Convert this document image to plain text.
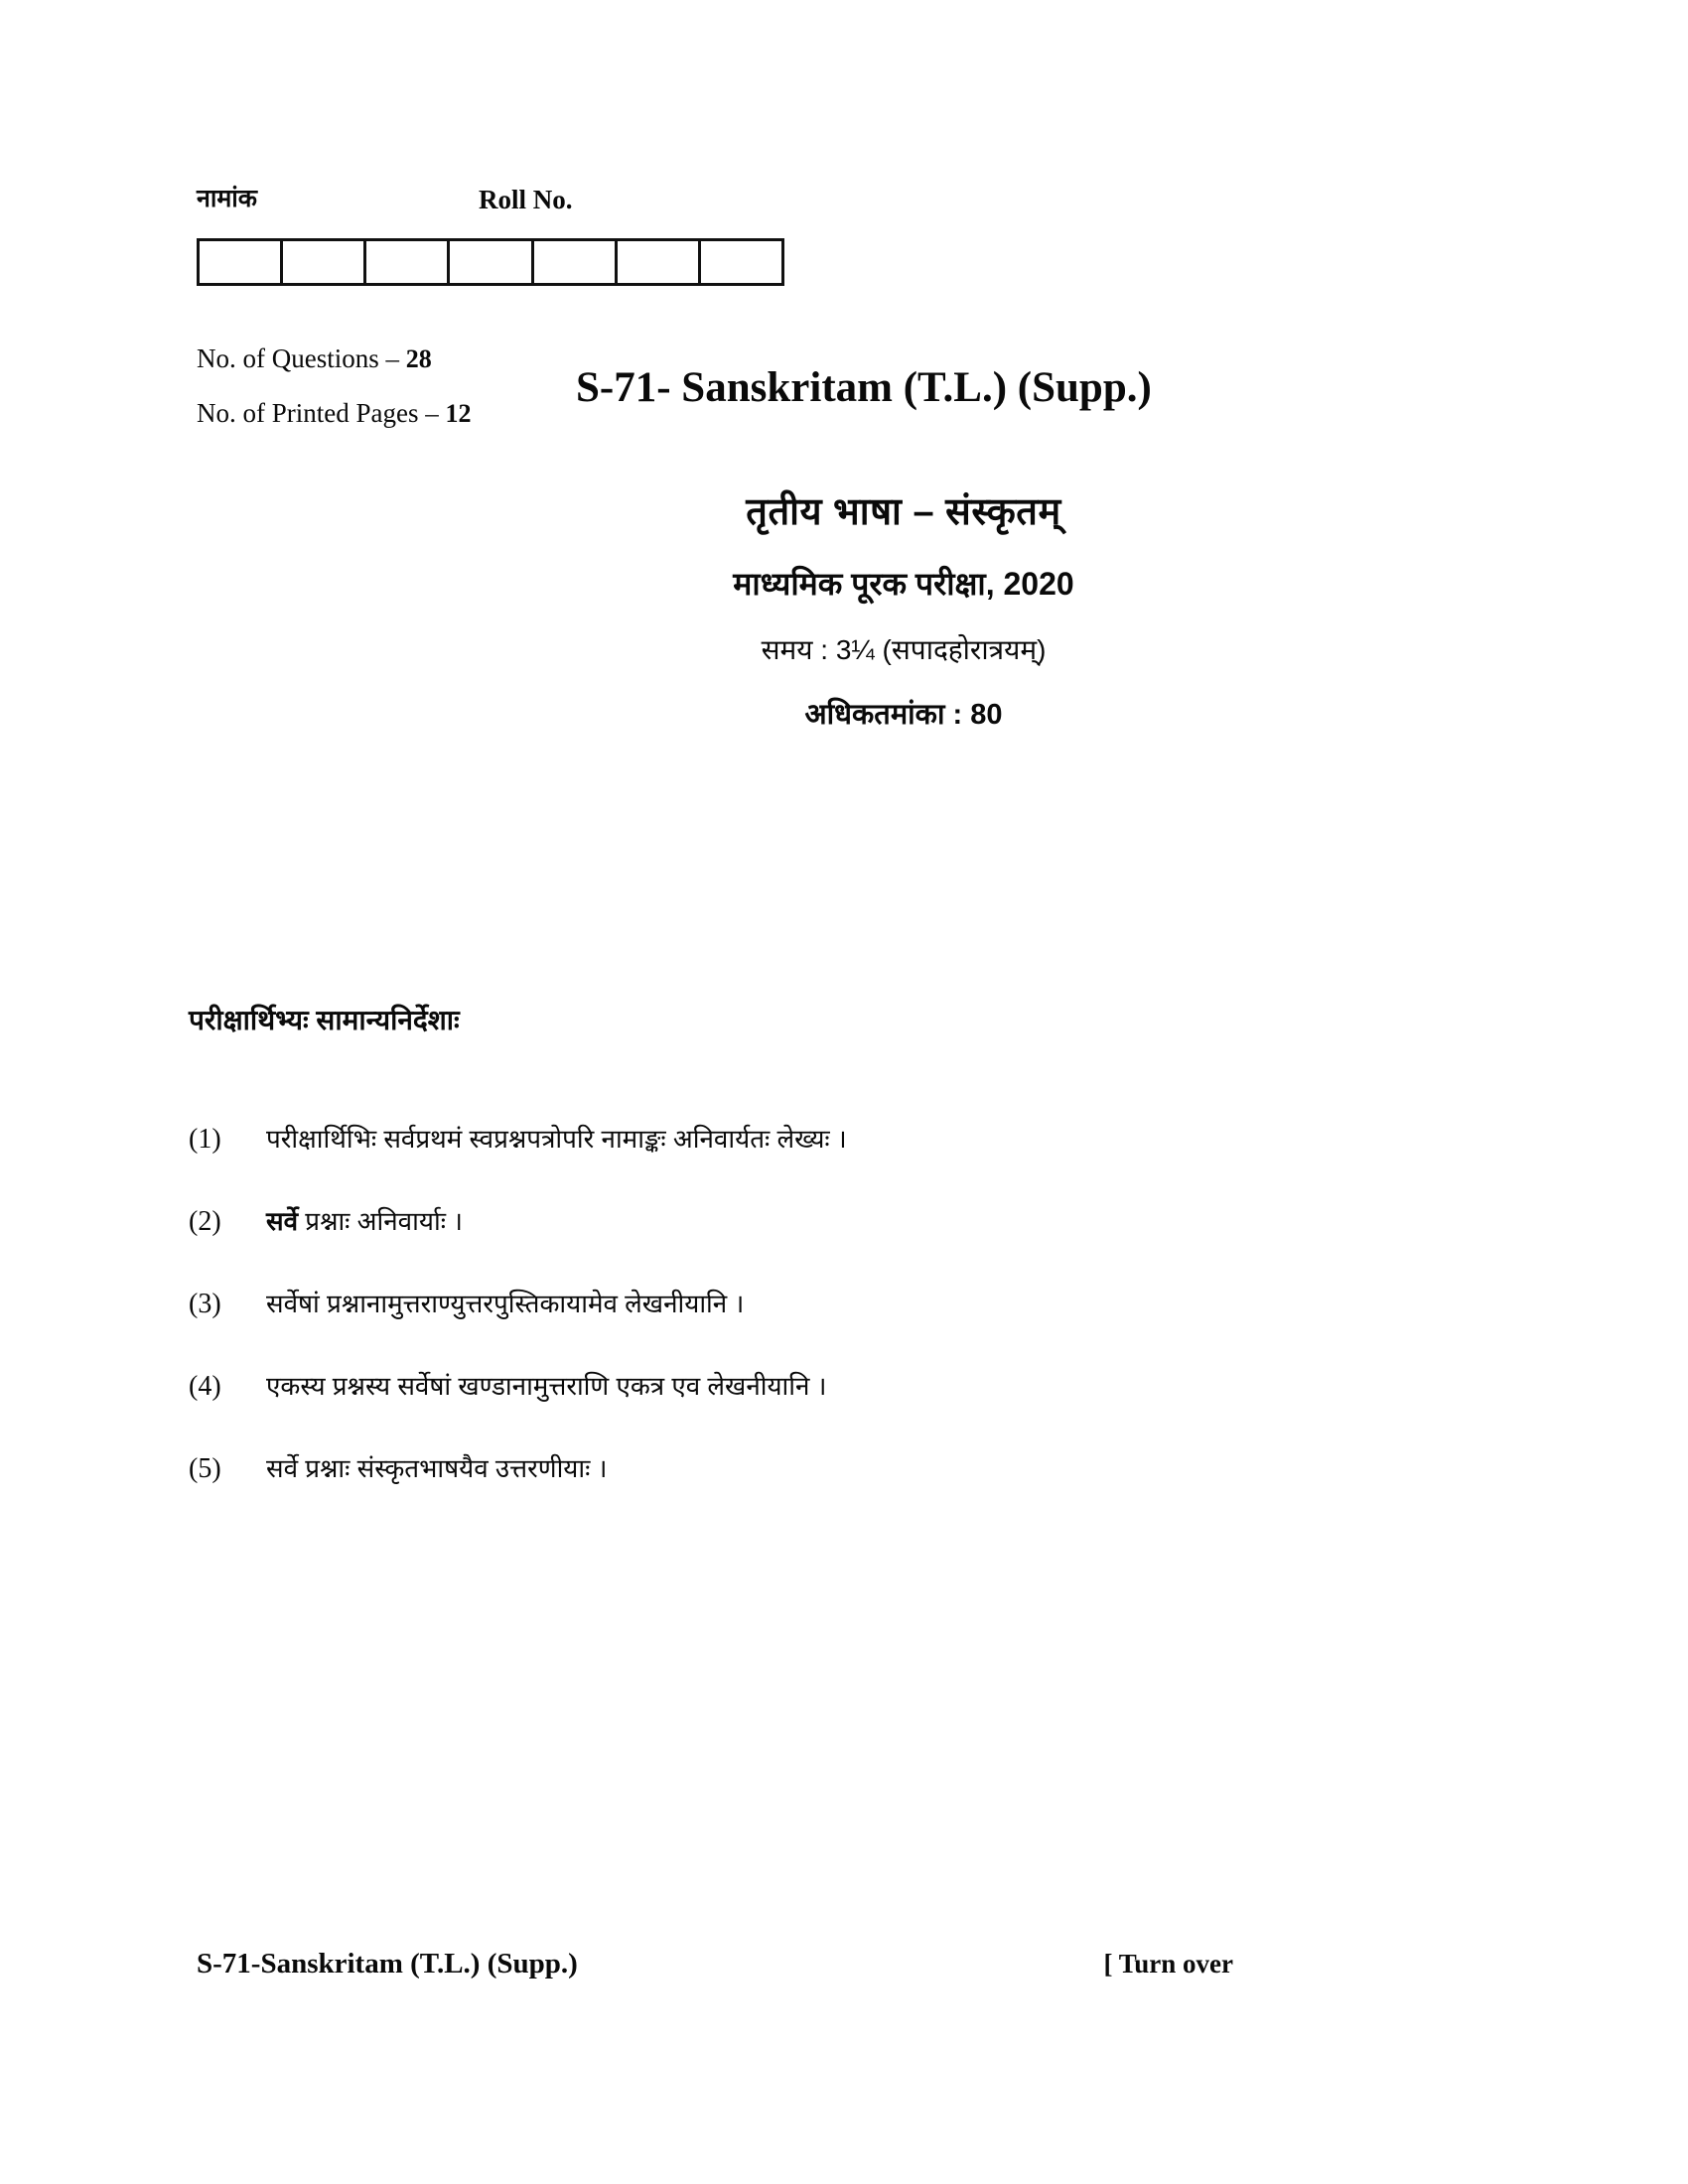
नामांक	Roll No.
No. of Questions – 28
No. of Printed Pages – 12
S-71- Sanskritam (T.L.) (Supp.)
तृतीय भाषा – संस्कृतम्
माध्यमिक पूरक परीक्षा, 2020
समय : 3¼ (सपादहोरात्रयम्)
अधिकतमांका : 80
परीक्षार्थिभ्यः सामान्यनिर्देशाः
(1)	परीक्षार्थिभिः सर्वप्रथमं स्वप्रश्नपत्रोपरि नामाङ्कः अनिवार्यतः लेख्यः ।
(2)	सर्वे प्रश्नाः अनिवार्याः ।
(3)	सर्वेषां प्रश्नानामुत्तराण्युत्तरपुस्तिकायामेव लेखनीयानि ।
(4)	एकस्य प्रश्नस्य सर्वेषां खण्डानामुत्तराणि एकत्र एव लेखनीयानि ।
(5)	सर्वे प्रश्नाः संस्कृतभाषयैव उत्तरणीयाः ।
S-71-Sanskritam (T.L.) (Supp.)	[ Turn over
